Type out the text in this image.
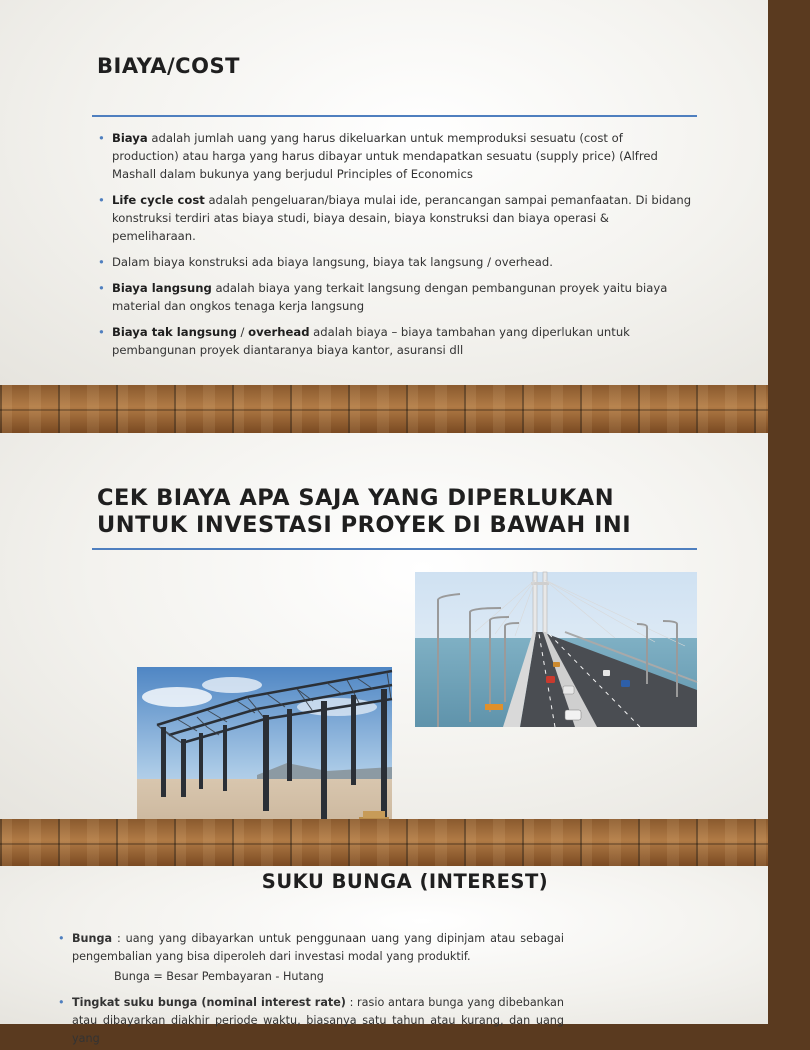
BIAYA/COST
• Biaya adalah jumlah uang yang harus dikeluarkan untuk memproduksi sesuatu (cost of production) atau harga yang harus dibayar untuk mendapatkan sesuatu (supply price) (Alfred Mashall dalam bukunya yang berjudul Principles of Economics
• Life cycle cost adalah pengeluaran/biaya mulai ide, perancangan sampai pemanfaatan. Di bidang konstruksi terdiri atas biaya studi, biaya desain, biaya konstruksi dan biaya operasi & pemeliharaan.
• Dalam biaya konstruksi ada biaya langsung, biaya tak langsung / overhead.
• Biaya langsung adalah biaya yang terkait langsung dengan pembangunan proyek yaitu biaya material dan ongkos tenaga kerja langsung
• Biaya tak langsung / overhead adalah biaya – biaya tambahan yang diperlukan untuk pembangunan proyek diantaranya biaya kantor, asuransi dll
CEK BIAYA APA SAJA YANG DIPERLUKAN
UNTUK INVESTASI PROYEK DI BAWAH INI
SUKU BUNGA (INTEREST)
• Bunga : uang yang dibayarkan untuk penggunaan uang yang dipinjam atau sebagai pengembalian yang bisa diperoleh dari investasi modal yang produktif.
Bunga = Besar Pembayaran - Hutang
• Tingkat suku bunga (nominal interest rate) : rasio antara bunga yang dibebankan atau dibayarkan diakhir periode waktu, biasanya satu tahun atau kurang, dan uang yang
